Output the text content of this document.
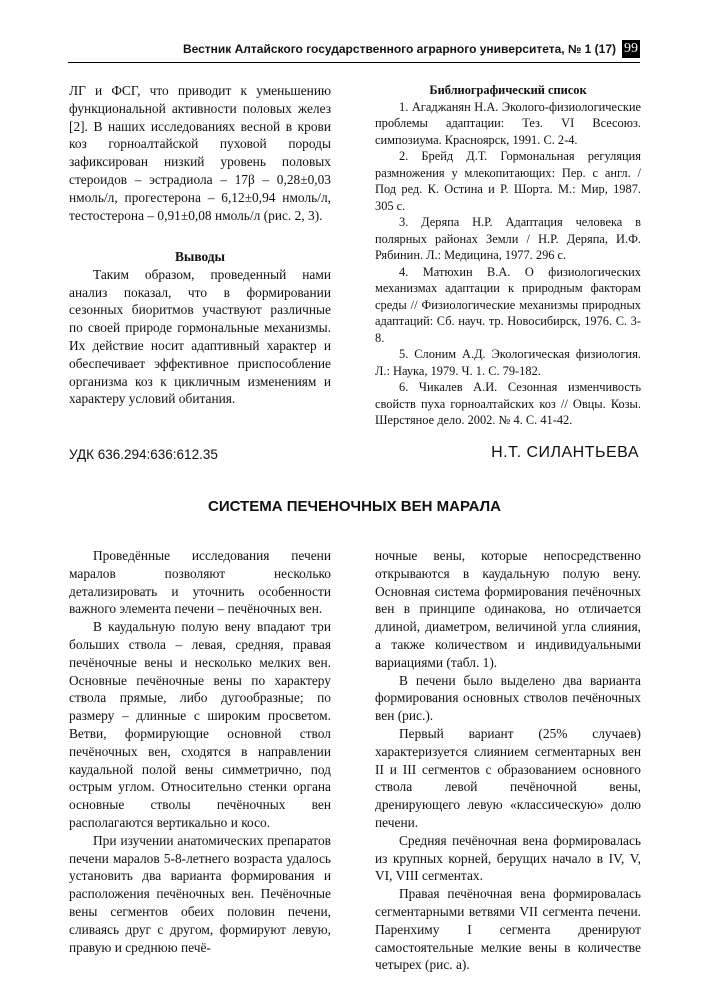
Вестник Алтайского государственного аграрного университета, № 1 (17) 99

ЛГ и ФСГ, что приводит к уменьшению функциональной активности половых желез [2]. В наших исследованиях весной в крови коз горноалтайской пуховой породы зафиксирован низкий уровень половых стероидов – эстрадиола – 17β – 0,28±0,03 нмоль/л, прогестерона – 6,12±0,94 нмоль/л, тестостерона – 0,91±0,08 нмоль/л (рис. 2, 3).

Выводы

Таким образом, проведенный нами анализ показал, что в формировании сезонных биоритмов участвуют различные по своей природе гормональные механизмы. Их действие носит адаптивный характер и обеспечивает эффективное приспособление организма коз к цикличным изменениям и характеру условий обитания.

Библиографический список

1. Агаджанян Н.А. Эколого-физиологические проблемы адаптации: Тез. VI Всесоюз. симпозиума. Красноярск, 1991. С. 2-4.

2. Брейд Д.Т. Гормональная регуляция размножения у млекопитающих: Пер. с англ. / Под ред. К. Остина и Р. Шорта. М.: Мир, 1987. 305 с.

3. Деряпа Н.Р. Адаптация человека в полярных районах Земли / Н.Р. Деряпа, И.Ф. Рябинин. Л.: Медицина, 1977. 296 с.

4. Матюхин В.А. О физиологических механизмах адаптации к природным факторам среды // Физиологические механизмы природных адаптаций: Сб. науч. тр. Новосибирск, 1976. С. 3-8.

5. Слоним А.Д. Экологическая физиология. Л.: Наука, 1979. Ч. 1. С. 79-182.

6. Чикалев А.И. Сезонная изменчивость свойств пуха горноалтайских коз // Овцы. Козы. Шерстяное дело. 2002. № 4. С. 41-42.

УДК 636.294:636:612.35	Н.Т. СИЛАНТЬЕВА
СИСТЕМА ПЕЧЕНОЧНЫХ ВЕН МАРАЛА

Проведённые исследования печени маралов позволяют несколько детализировать и уточнить особенности важного элемента печени – печёночных вен.

В каудальную полую вену впадают три больших ствола – левая, средняя, правая печёночные вены и несколько мелких вен. Основные печёночные вены по характеру ствола прямые, либо дугообразные; по размеру – длинные с широким просветом. Ветви, формирующие основной ствол печёночных вен, сходятся в направлении каудальной полой вены симметрично, под острым углом. Относительно стенки органа основные стволы печёночных вен располагаются вертикально и косо.

При изучении анатомических препаратов печени маралов 5-8-летнего возраста удалось установить два варианта формирования и расположения печёночных вен. Печёночные вены сегментов обеих половин печени, сливаясь друг с другом, формируют левую, правую и среднюю печё-

ночные вены, которые непосредственно открываются в каудальную полую вену. Основная система формирования печёночных вен в принципе одинакова, но отличается длиной, диаметром, величиной угла слияния, а также количеством и индивидуальными вариациями (табл. 1).

В печени было выделено два варианта формирования основных стволов печёночных вен (рис.).

Первый вариант (25% случаев) характеризуется слиянием сегментарных вен II и III сегментов с образованием основного ствола левой печёночной вены, дренирующего левую «классическую» долю печени.

Средняя печёночная вена формировалась из крупных корней, берущих начало в IV, V, VI, VIII сегментах.

Правая печёночная вена формировалась сегментарными ветвями VII сегмента печени. Паренхиму I сегмента дренируют самостоятельные мелкие вены в количестве четырех (рис. а).
